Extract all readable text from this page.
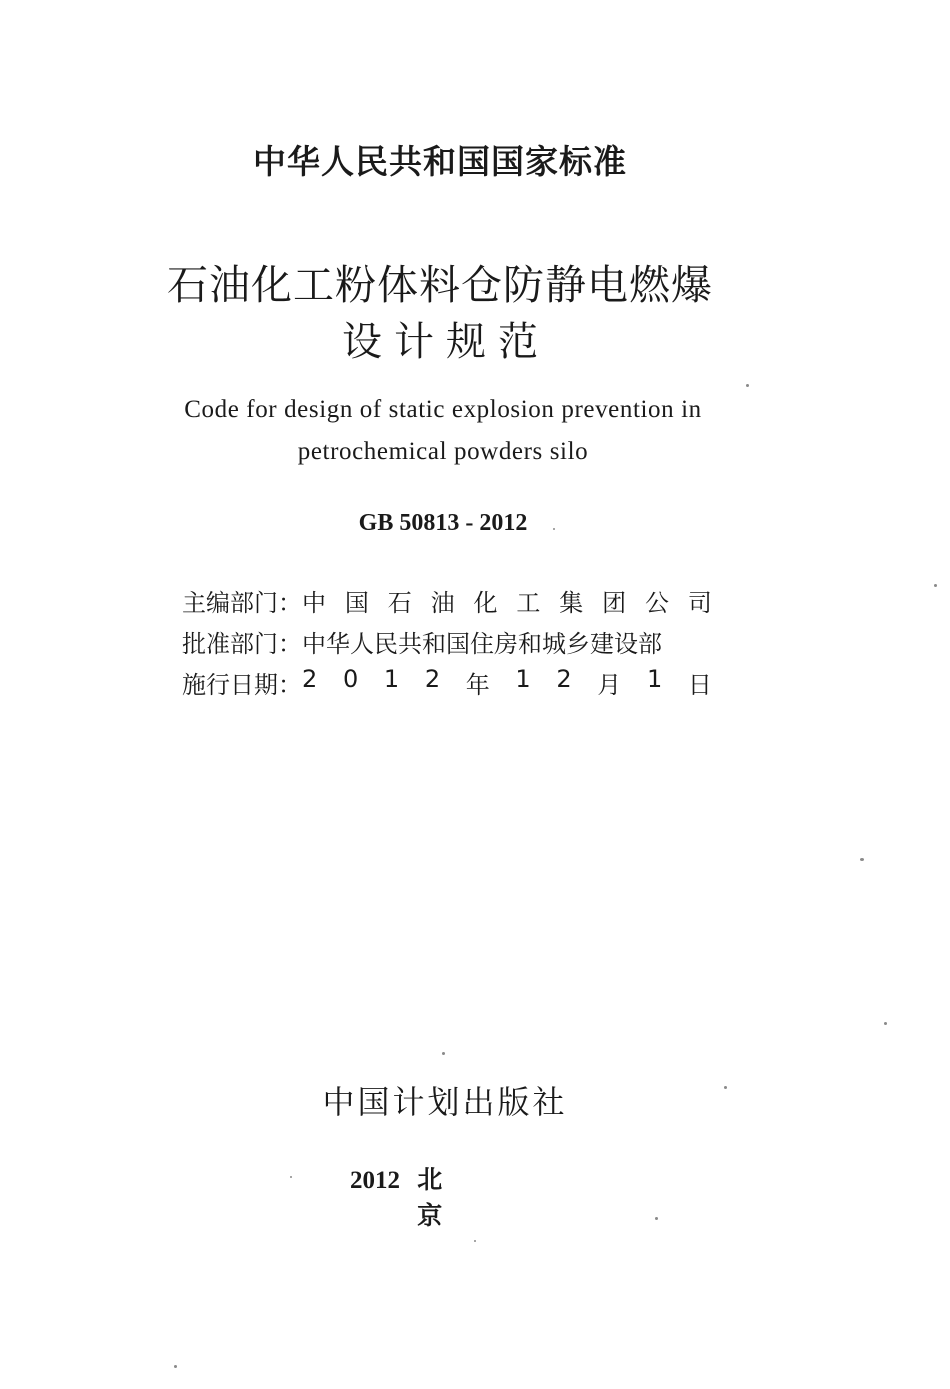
中华人民共和国国家标准
石油化工粉体料仓防静电燃爆
设计规范
Code for design of static explosion prevention in
petrochemical powders silo
GB 50813 - 2012
主编部门： 中 国 石 油 化 工 集 团 公 司
批准部门： 中华人民共和国住房和城乡建设部
施行日期： 2 0 1 2 年 1 2 月 1 日
中国计划出版社
2012 北京
